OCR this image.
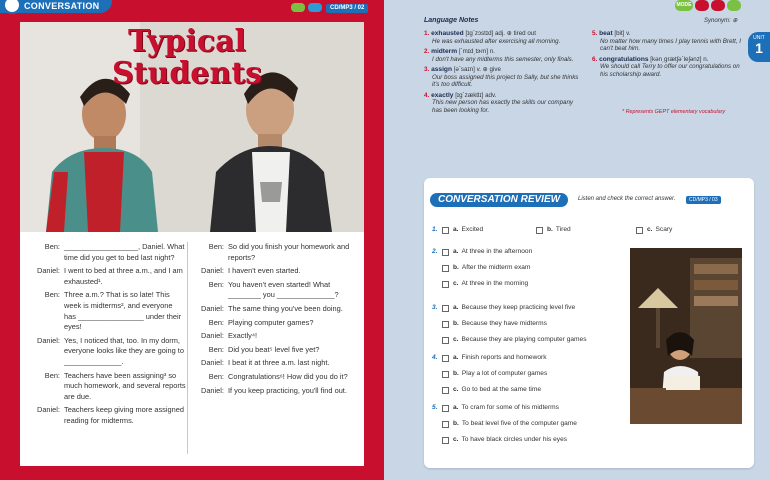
CONVERSATION	CD/MP3 / 02
Typical
Students
Ben: __________________, Daniel. What time did you get to bed last night?
Daniel: I went to bed at three a.m., and I am exhausted¹.
Ben: Three a.m.? That is so late! This week is midterms², and everyone has ________________ under their eyes!
Daniel: Yes, I noticed that, too. In my dorm, everyone looks like they are going to ______________.
Ben: Teachers have been assigning³ so much homework, and several reports are due.
Daniel: Teachers keep giving more assigned reading for midterms.
Ben: So did you finish your homework and reports?
Daniel: I haven't even started.
Ben: You haven't even started! What ________ you ______________?
Daniel: The same thing you've been doing.
Ben: Playing computer games?
Daniel: Exactly⁴!
Ben: Did you beat⁵ level five yet?
Daniel: I beat it at three a.m. last night.
Ben: Congratulations⁶! How did you do it?
Daniel: If you keep practicing, you'll find out.
MODE
UNIT
1
Language Notes	Synonym: ⊕
1. exhausted [ɪg`zɔstɪd] adj. ⊕ tired out
He was exhausted after exercising all morning.
2. midterm [`mɪd͵tɝm] n.
I don't have any midterms this semester, only finals.
3. assign [ə`saɪn] v. ⊕ give
Our boss assigned this project to Sally, but she thinks it's too difficult.
4. exactly [ɪg`zæktlɪ] adv.
This new person has exactly the skills our company has been looking for.
5. beat [bit] v.
No matter how many times I play tennis with Brett, I can't beat him.
6. congratulations [kən͵grætʃə`leʃənz] n.
We should call Terry to offer our congratulations on his scholarship award.
* Represents GEPT elementary vocabulary
CONVERSATION REVIEW	Listen and check the correct answer.	CD/MP3 / 03
1.	a. Excited	b. Tired	c. Scary
2.	a. At three in the afternoon
b. After the midterm exam
c. At three in the morning
3.	a. Because they keep practicing level five
b. Because they have midterms
c. Because they are playing computer games
4.	a. Finish reports and homework
b. Play a lot of computer games
c. Go to bed at the same time
5.	a. To cram for some of his midterms
b. To beat level five of the computer game
c. To have black circles under his eyes
